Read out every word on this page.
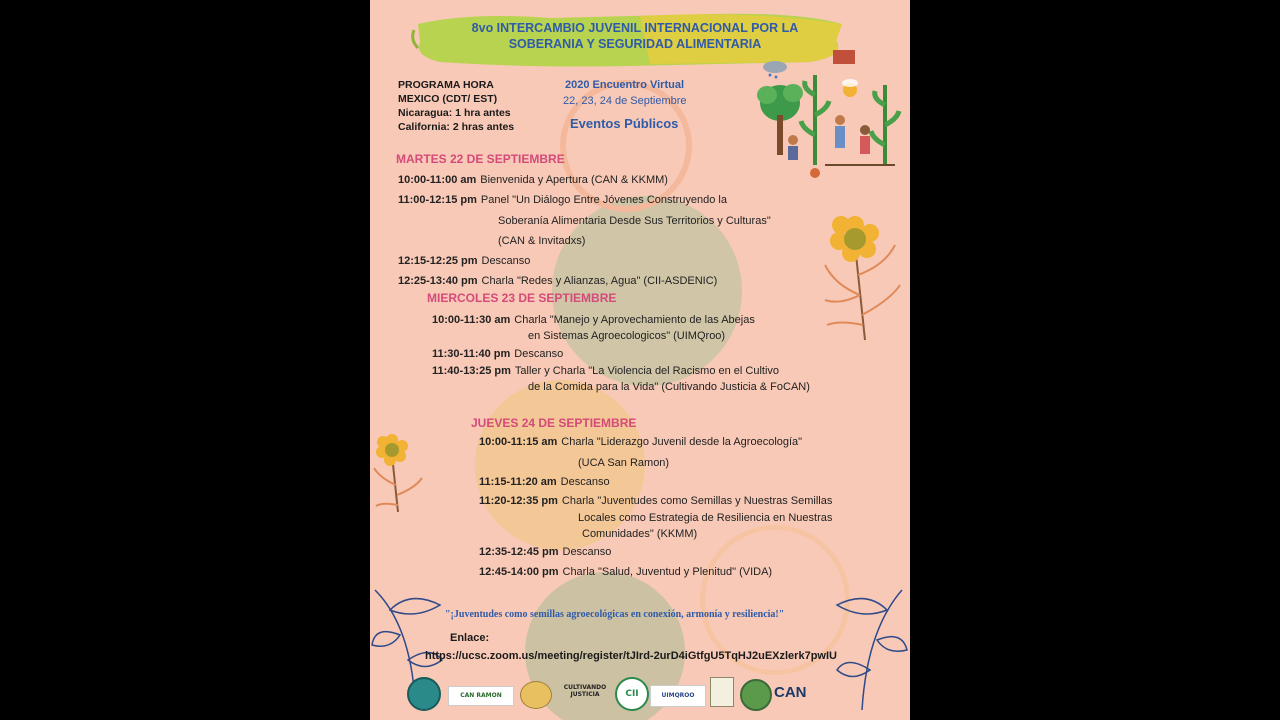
8vo INTERCAMBIO JUVENIL INTERNACIONAL POR LA
SOBERANIA Y SEGURIDAD ALIMENTARIA
PROGRAMA HORA
MEXICO (CDT/ EST)
Nicaragua: 1 hra antes
California: 2 hras antes
2020 Encuentro Virtual
22, 23, 24 de Septiembre
Eventos Públicos
MARTES 22 DE SEPTIEMBRE
10:00-11:00 am Bienvenida y Apertura (CAN & KKMM)
11:00-12:15 pm Panel "Un Diálogo Entre Jóvenes Construyendo la
Soberanía Alimentaria Desde Sus Territorios y Culturas"
(CAN & Invitadxs)
12:15-12:25 pm Descanso
12:25-13:40 pm Charla "Redes y Alianzas, Agua" (CII-ASDENIC)
MIERCOLES 23 DE SEPTIEMBRE
10:00-11:30 am Charla "Manejo y Aprovechamiento de las Abejas
en Sistemas Agroecologicos" (UIMQroo)
11:30-11:40 pm Descanso
11:40-13:25 pm Taller y Charla "La Violencia del Racismo en el Cultivo
de la Comida para la Vida" (Cultivando Justicia & FoCAN)
JUEVES 24 DE SEPTIEMBRE
10:00-11:15 am Charla "Liderazgo Juvenil desde la Agroecología"
(UCA San Ramon)
11:15-11:20 am Descanso
11:20-12:35 pm Charla "Juventudes como Semillas y Nuestras Semillas
Locales como Estrategia de Resiliencia en Nuestras
Comunidades" (KKMM)
12:35-12:45 pm Descanso
12:45-14:00 pm Charla "Salud, Juventud y Plenitud" (VIDA)
"¡Juventudes como semillas agroecológicas en conexión, armonía y resiliencia!"
Enlace:
https://ucsc.zoom.us/meeting/register/tJIrd-2urD4iGtfgU5TqHJ2uEXzlerk7pwIU
CAN RAMON
CULTIVANDO JUSTICIA	CII	UIMQROO	CAN
